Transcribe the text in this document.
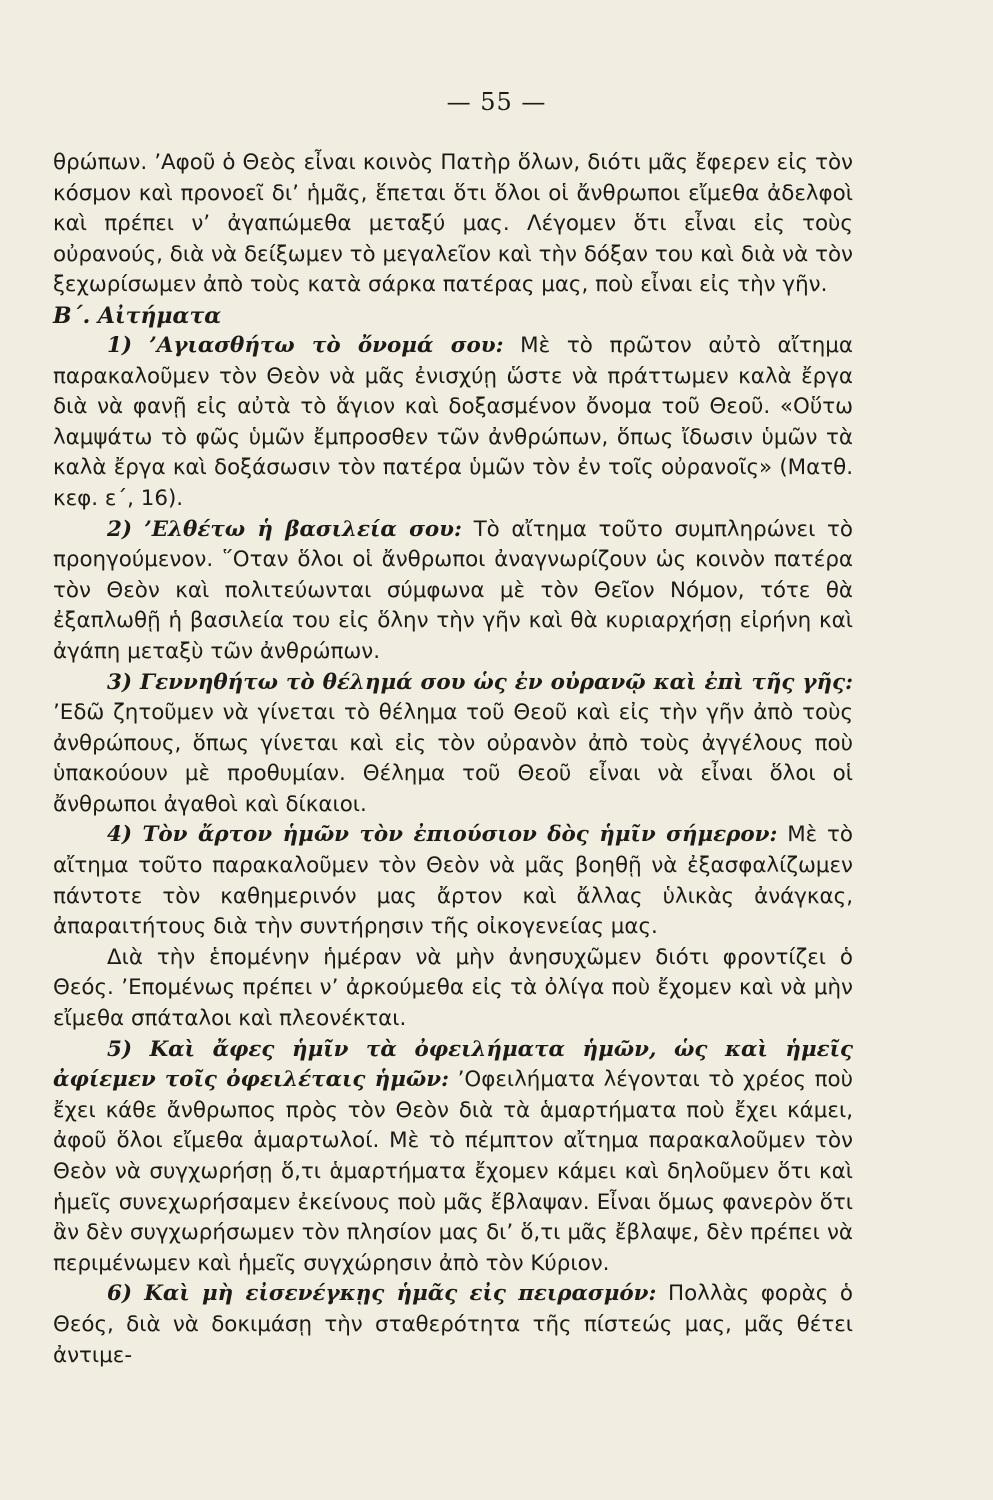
— 55 —

θρώπων. ’Αφοῦ ὁ Θεὸς εἶναι κοινὸς Πατὴρ ὅλων, διότι μᾶς ἔφερεν εἰς τὸν κόσμον καὶ προνοεῖ δι’ ἡμᾶς, ἕπεται ὅτι ὅλοι οἱ ἄνθρωποι εἴμεθα ἀδελφοὶ καὶ πρέπει ν’ ἀγαπώμεθα μεταξύ μας. Λέγομεν ὅτι εἶναι εἰς τοὺς οὐρανούς, διὰ νὰ δείξωμεν τὸ μεγαλεῖον καὶ τὴν δόξαν του καὶ διὰ νὰ τὸν ξεχωρίσωμεν ἀπὸ τοὺς κατὰ σάρκα πατέρας μας, ποὺ εἶναι εἰς τὴν γῆν.

Β΄. Αἰτήματα

1) ’Αγιασθήτω τὸ ὄνομά σου: Μὲ τὸ πρῶτον αὐτὸ αἴτημα παρακαλοῦμεν τὸν Θεὸν νὰ μᾶς ἐνισχύῃ ὥστε νὰ πράττωμεν καλὰ ἔργα διὰ νὰ φανῇ εἰς αὐτὰ τὸ ἅγιον καὶ δοξασμένον ὄνομα τοῦ Θεοῦ. «Οὕτω λαμψάτω τὸ φῶς ὑμῶν ἔμπροσθεν τῶν ἀνθρώπων, ὅπως ἴδωσιν ὑμῶν τὰ καλὰ ἔργα καὶ δοξάσωσιν τὸν πατέρα ὑμῶν τὸν ἐν τοῖς οὐρανοῖς» (Ματθ. κεφ. ε΄, 16).

2) ’Ελθέτω ἡ βασιλεία σου: Τὸ αἴτημα τοῦτο συμπληρώνει τὸ προηγούμενον. ῞Οταν ὅλοι οἱ ἄνθρωποι ἀναγνωρίζουν ὡς κοινὸν πατέρα τὸν Θεὸν καὶ πολιτεύωνται σύμφωνα μὲ τὸν Θεῖον Νόμον, τότε θὰ ἐξαπλωθῇ ἡ βασιλεία του εἰς ὅλην τὴν γῆν καὶ θὰ κυριαρχήσῃ εἰρήνη καὶ ἀγάπη μεταξὺ τῶν ἀνθρώπων.

3) Γεννηθήτω τὸ θέλημά σου ὡς ἐν οὐρανῷ καὶ ἐπὶ τῆς γῆς: ’Εδῶ ζητοῦμεν νὰ γίνεται τὸ θέλημα τοῦ Θεοῦ καὶ εἰς τὴν γῆν ἀπὸ τοὺς ἀνθρώπους, ὅπως γίνεται καὶ εἰς τὸν οὐρανὸν ἀπὸ τοὺς ἀγγέλους ποὺ ὑπακούουν μὲ προθυμίαν. Θέλημα τοῦ Θεοῦ εἶναι νὰ εἶναι ὅλοι οἱ ἄνθρωποι ἀγαθοὶ καὶ δίκαιοι.

4) Τὸν ἄρτον ἡμῶν τὸν ἐπιούσιον δὸς ἡμῖν σήμερον: Μὲ τὸ αἴτημα τοῦτο παρακαλοῦμεν τὸν Θεὸν νὰ μᾶς βοηθῇ νὰ ἐξασφαλίζωμεν πάντοτε τὸν καθημερινόν μας ἄρτον καὶ ἄλλας ὑλικὰς ἀνάγκας, ἀπαραιτήτους διὰ τὴν συντήρησιν τῆς οἰκογενείας μας.

Διὰ τὴν ἑπομένην ἡμέραν νὰ μὴν ἀνησυχῶμεν διότι φροντίζει ὁ Θεός. ’Επομένως πρέπει ν’ ἀρκούμεθα εἰς τὰ ὀλίγα ποὺ ἔχομεν καὶ νὰ μὴν εἴμεθα σπάταλοι καὶ πλεονέκται.

5) Καὶ ἄφες ἡμῖν τὰ ὀφειλήματα ἡμῶν, ὡς καὶ ἡμεῖς ἀφίεμεν τοῖς ὀφειλέταις ἡμῶν: ’Οφειλήματα λέγονται τὸ χρέος ποὺ ἔχει κάθε ἄνθρωπος πρὸς τὸν Θεὸν διὰ τὰ ἁμαρτήματα ποὺ ἔχει κάμει, ἀφοῦ ὅλοι εἴμεθα ἁμαρτωλοί. Μὲ τὸ πέμπτον αἴτημα παρακαλοῦμεν τὸν Θεὸν νὰ συγχωρήσῃ ὅ,τι ἁμαρτήματα ἔχομεν κάμει καὶ δηλοῦμεν ὅτι καὶ ἡμεῖς συνεχωρήσαμεν ἐκείνους ποὺ μᾶς ἔβλαψαν. Εἶναι ὅμως φανερὸν ὅτι ἂν δὲν συγχωρήσωμεν τὸν πλησίον μας δι’ ὅ,τι μᾶς ἔβλαψε, δὲν πρέπει νὰ περιμένωμεν καὶ ἡμεῖς συγχώρησιν ἀπὸ τὸν Κύριον.

6) Καὶ μὴ εἰσενέγκῃς ἡμᾶς εἰς πειρασμόν: Πολλὰς φορὰς ὁ Θεός, διὰ νὰ δοκιμάσῃ τὴν σταθερότητα τῆς πίστεώς μας, μᾶς θέτει ἀντιμε-
